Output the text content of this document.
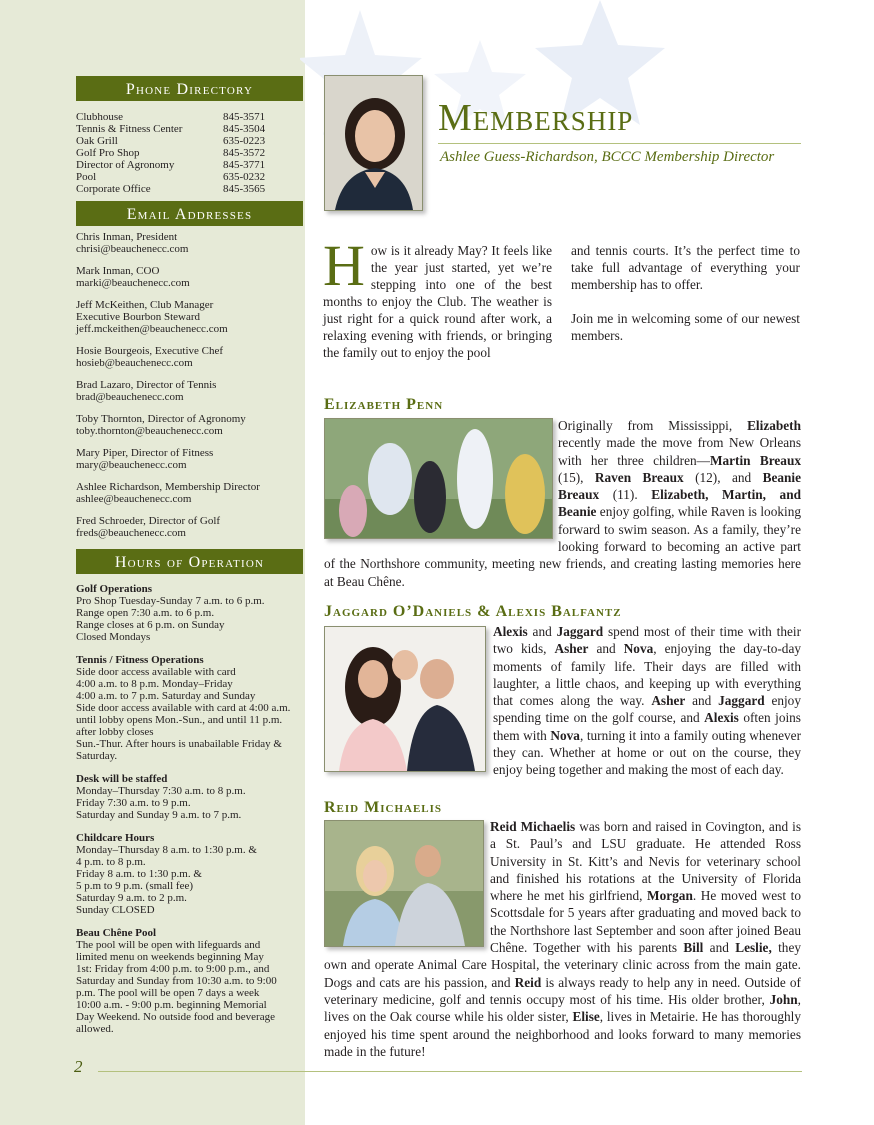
Phone Directory
Clubhouse	845-3571
Tennis & Fitness Center	845-3504
Oak Grill	635-0223
Golf Pro Shop	845-3572
Director of Agronomy	845-3771
Pool	635-0232
Corporate Office	845-3565
Email Addresses
Chris Inman, President
chrisi@beauchenecc.com
Mark Inman, COO
marki@beauchenecc.com
Jeff McKeithen, Club Manager
Executive Bourbon Steward
jeff.mckeithen@beauchenecc.com
Hosie Bourgeois, Executive Chef
hosieb@beauchenecc.com
Brad Lazaro, Director of Tennis
brad@beauchenecc.com
Toby Thornton, Director of Agronomy
toby.thornton@beauchenecc.com
Mary Piper, Director of Fitness
mary@beauchenecc.com
Ashlee Richardson, Membership Director
ashlee@beauchenecc.com
Fred Schroeder, Director of Golf
freds@beauchenecc.com
Hours of Operation
Golf Operations
Pro Shop Tuesday-Sunday 7 a.m. to 6 p.m.
Range open 7:30 a.m. to 6 p.m.
Range closes at 6 p.m. on Sunday
Closed Mondays
Tennis / Fitness Operations
Side door access available with card
4:00 a.m. to 8 p.m. Monday–Friday
4:00 a.m. to 7 p.m. Saturday and Sunday
Side door access available with card at 4:00 a.m.
until lobby opens Mon.-Sun., and until 11 p.m.
after lobby closes
Sun.-Thur. After hours is unabailable Friday &
Saturday.
Desk will be staffed
Monday–Thursday 7:30 a.m. to 8 p.m.
Friday 7:30 a.m. to 9 p.m.
Saturday and Sunday 9 a.m. to 7 p.m.
Childcare Hours
Monday–Thursday 8 a.m. to 1:30 p.m. &
4 p.m. to 8 p.m.
Friday 8 a.m. to 1:30 p.m. &
5 p.m to 9 p.m. (small fee)
Saturday 9 a.m. to 2 p.m.
Sunday CLOSED
Beau Chêne Pool
The pool will be open with lifeguards and
limited menu on weekends beginning May
1st: Friday from 4:00 p.m. to 9:00 p.m., and
Saturday and Sunday from 10:30 a.m. to 9:00
p.m. The pool will be open 7 days a week
10:00 a.m. - 9:00 p.m. beginning Memorial
Day Weekend. No outside food and beverage
allowed.
2
Membership
Ashlee Guess-Richardson, BCCC Membership Director

How is it already May? It feels like the year just started, yet we’re stepping into one of the best months to enjoy the Club. The weather is just right for a quick round after work, a relaxing evening with friends, or bringing the family out to enjoy the pool

and tennis courts. It’s the perfect time to take full advantage of everything your membership has to offer.

Join me in welcoming some of our newest members.

Elizabeth Penn

Originally from Mississippi, Elizabeth recently made the move from New Orleans with her three children—Martin Breaux (15), Raven Breaux (12), and Beanie Breaux (11). Elizabeth, Martin, and Beanie enjoy golfing, while Raven is looking forward to swim season. As a family, they’re looking forward to becoming an active part of the Northshore community, meeting new friends, and creating lasting memories here at Beau Chêne.

Jaggard O’Daniels & Alexis Balfantz

Alexis and Jaggard spend most of their time with their two kids, Asher and Nova, enjoying the day-to-day moments of family life. Their days are filled with laughter, a little chaos, and keeping up with everything that comes along the way. Asher and Jaggard enjoy spending time on the golf course, and Alexis often joins them with Nova, turning it into a family outing whenever they can. Whether at home or out on the course, they enjoy being together and making the most of each day.

Reid Michaelis

Reid Michaelis was born and raised in Covington, and is a St. Paul’s and LSU graduate. He attended Ross University in St. Kitt’s and Nevis for veterinary school and finished his rotations at the University of Florida where he met his girlfriend, Morgan. He moved west to Scottsdale for 5 years after graduating and moved back to the Northshore last September and soon after joined Beau Chêne. Together with his parents Bill and Leslie, they own and operate Animal Care Hospital, the veterinary clinic across from the main gate. Dogs and cats are his passion, and Reid is always ready to help any in need. Outside of veterinary medicine, golf and tennis occupy most of his time. His older brother, John, lives on the Oak course while his older sister, Elise, lives in Metairie. He has thoroughly enjoyed his time spent around the neighborhood and looks forward to many memories made in the future!
